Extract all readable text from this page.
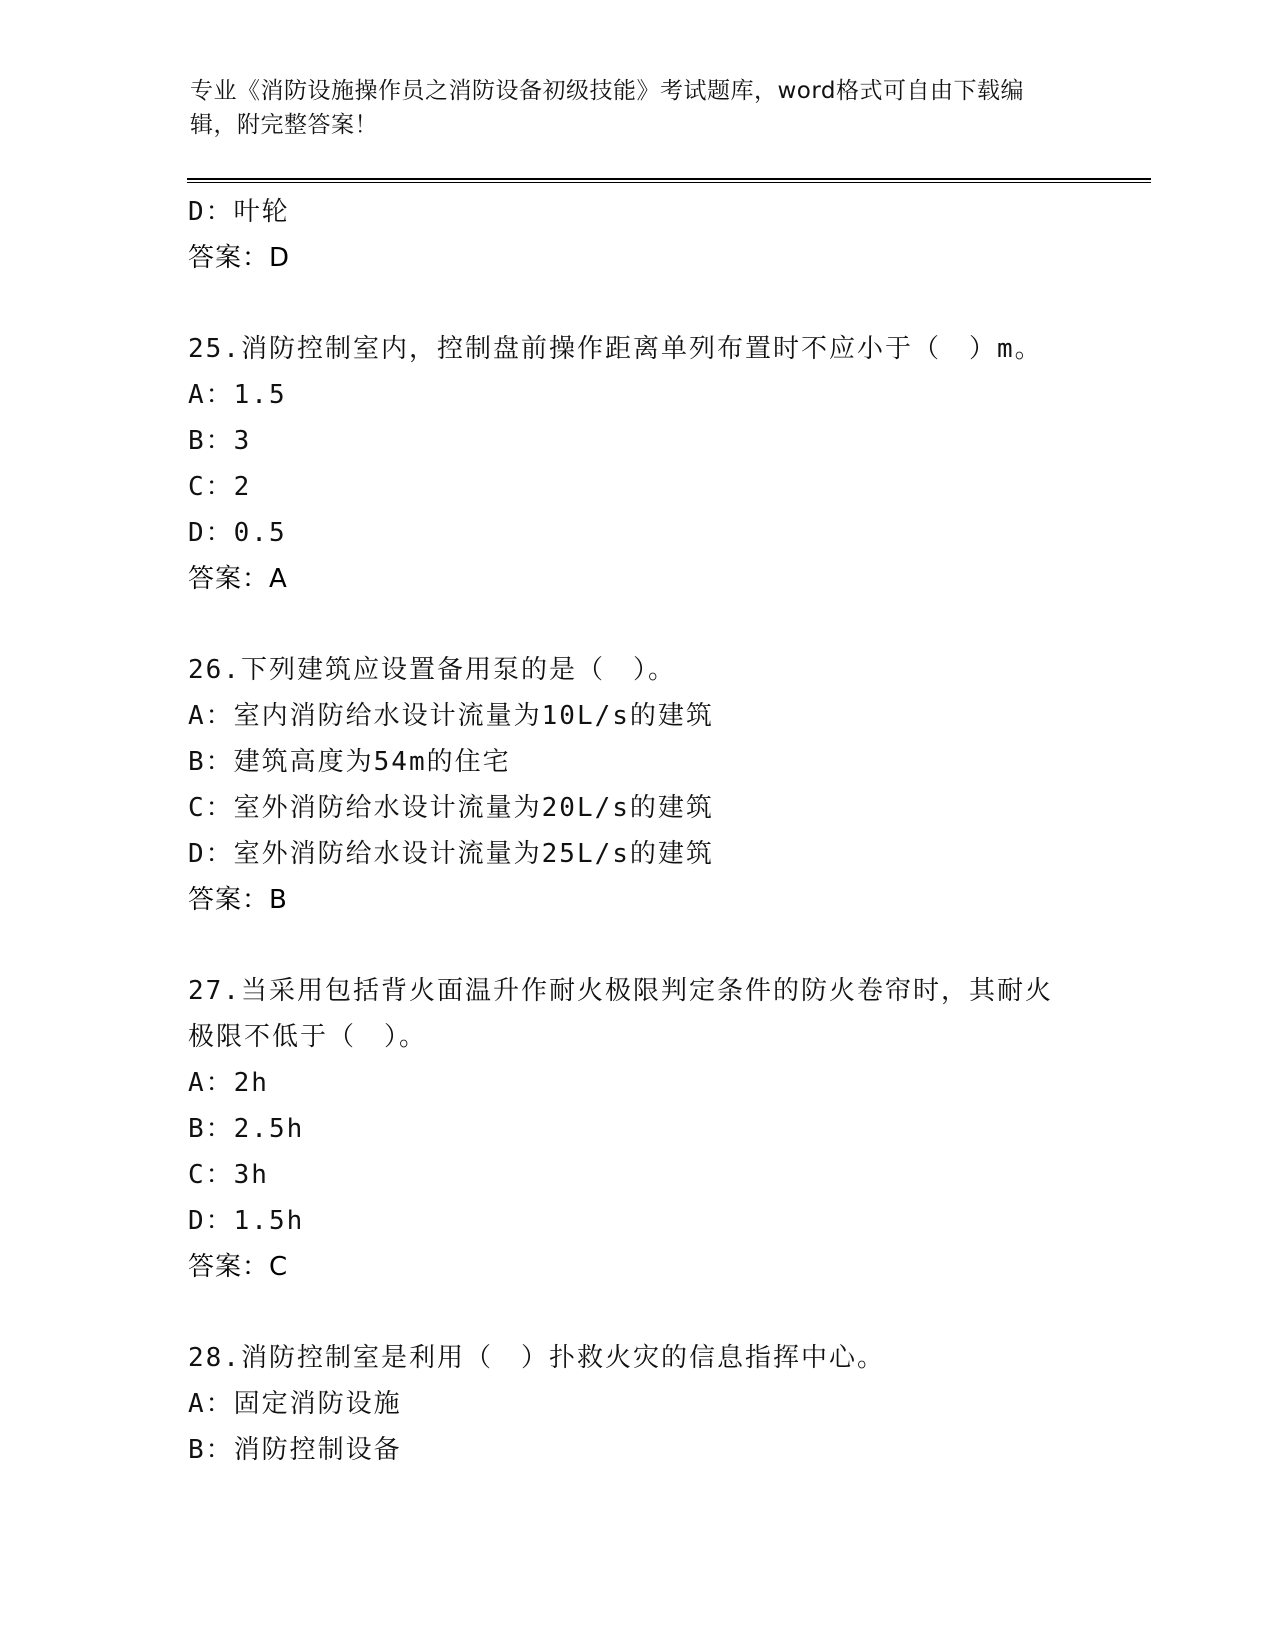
专业《消防设施操作员之消防设备初级技能》考试题库，word格式可自由下载编
辑，附完整答案！
D：叶轮
答案：D
25.消防控制室内，控制盘前操作距离单列布置时不应小于（　）m。
A：1.5
B：3
C：2
D：0.5
答案：A
26.下列建筑应设置备用泵的是（　）。
A：室内消防给水设计流量为10L/s的建筑
B：建筑高度为54m的住宅
C：室外消防给水设计流量为20L/s的建筑
D：室外消防给水设计流量为25L/s的建筑
答案：B
27.当采用包括背火面温升作耐火极限判定条件的防火卷帘时，其耐火
极限不低于（　）。
A：2h
B：2.5h
C：3h
D：1.5h
答案：C
28.消防控制室是利用（　）扑救火灾的信息指挥中心。
A：固定消防设施
B：消防控制设备
